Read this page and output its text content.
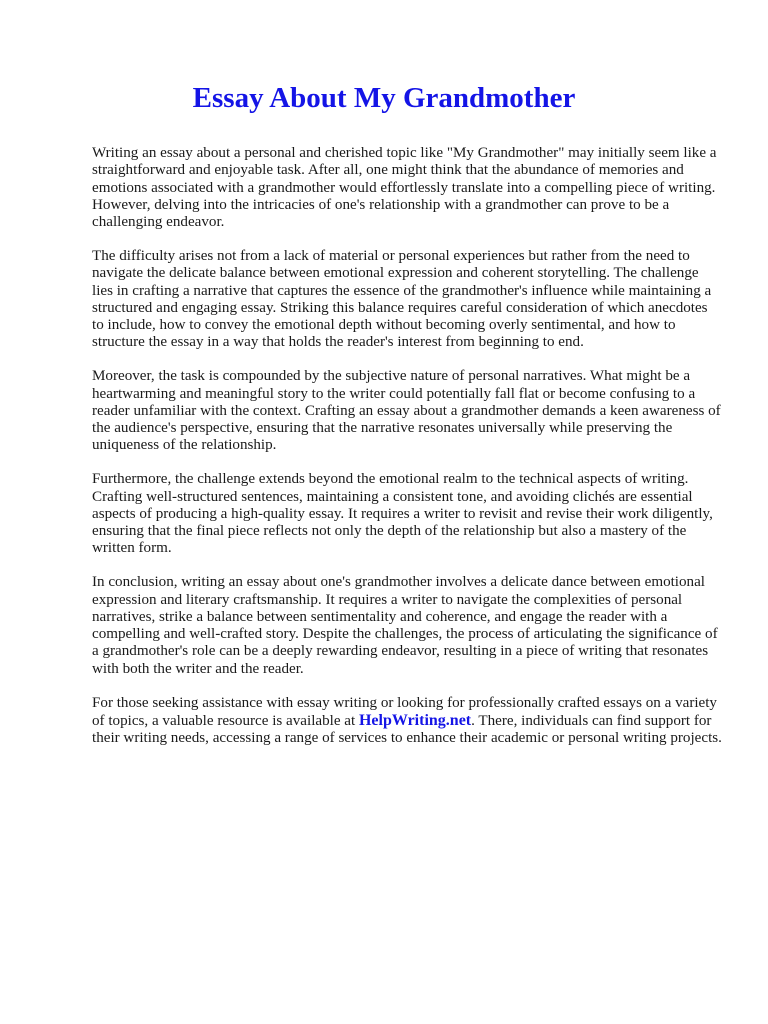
Essay About My Grandmother

Writing an essay about a personal and cherished topic like "My Grandmother" may initially seem like a straightforward and enjoyable task. After all, one might think that the abundance of memories and emotions associated with a grandmother would effortlessly translate into a compelling piece of writing. However, delving into the intricacies of one's relationship with a grandmother can prove to be a challenging endeavor.

The difficulty arises not from a lack of material or personal experiences but rather from the need to navigate the delicate balance between emotional expression and coherent storytelling. The challenge lies in crafting a narrative that captures the essence of the grandmother's influence while maintaining a structured and engaging essay. Striking this balance requires careful consideration of which anecdotes to include, how to convey the emotional depth without becoming overly sentimental, and how to structure the essay in a way that holds the reader's interest from beginning to end.

Moreover, the task is compounded by the subjective nature of personal narratives. What might be a heartwarming and meaningful story to the writer could potentially fall flat or become confusing to a reader unfamiliar with the context. Crafting an essay about a grandmother demands a keen awareness of the audience's perspective, ensuring that the narrative resonates universally while preserving the uniqueness of the relationship.

Furthermore, the challenge extends beyond the emotional realm to the technical aspects of writing. Crafting well-structured sentences, maintaining a consistent tone, and avoiding clichés are essential aspects of producing a high-quality essay. It requires a writer to revisit and revise their work diligently, ensuring that the final piece reflects not only the depth of the relationship but also a mastery of the written form.

In conclusion, writing an essay about one's grandmother involves a delicate dance between emotional expression and literary craftsmanship. It requires a writer to navigate the complexities of personal narratives, strike a balance between sentimentality and coherence, and engage the reader with a compelling and well-crafted story. Despite the challenges, the process of articulating the significance of a grandmother's role can be a deeply rewarding endeavor, resulting in a piece of writing that resonates with both the writer and the reader.

For those seeking assistance with essay writing or looking for professionally crafted essays on a variety of topics, a valuable resource is available at HelpWriting.net. There, individuals can find support for their writing needs, accessing a range of services to enhance their academic or personal writing projects.
